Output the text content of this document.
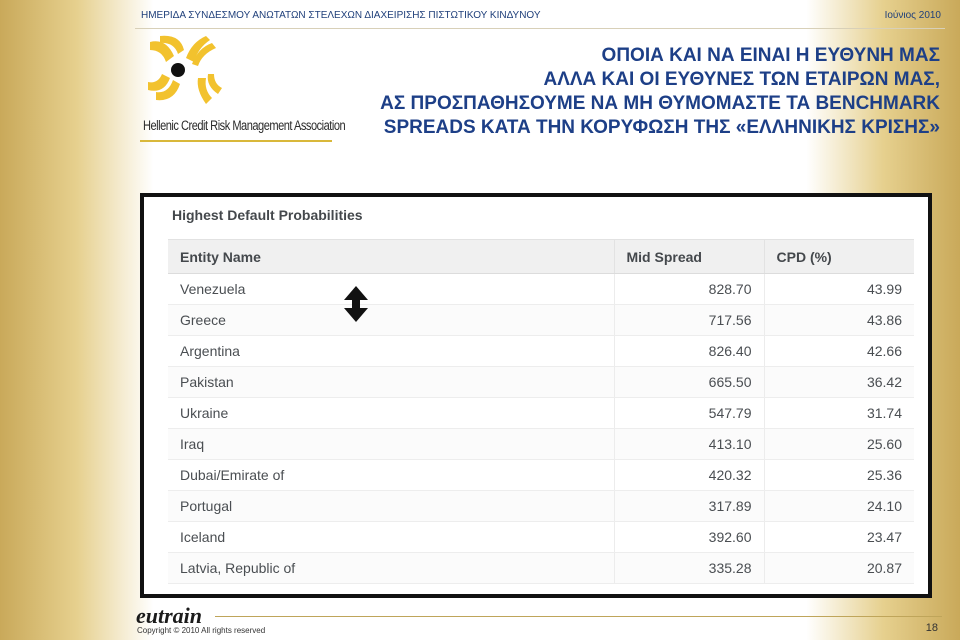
ΗΜΕΡΙΔΑ ΣΥΝΔΕΣΜΟΥ ΑΝΩΤΑΤΩΝ ΣΤΕΛΕΧΩΝ ΔΙΑΧΕΙΡΙΣΗΣ ΠΙΣΤΩΤΙΚΟΥ ΚΙΝΔΥΝΟΥ	Ιούνιος 2010
Hellenic Credit Risk Management Association
ΟΠΟΙΑ ΚΑΙ ΝΑ ΕΙΝΑΙ Η ΕΥΘΥΝΗ ΜΑΣ
ΑΛΛΑ ΚΑΙ ΟΙ ΕΥΘΥΝΕΣ ΤΩΝ ΕΤΑΙΡΩΝ ΜΑΣ,
ΑΣ ΠΡΟΣΠΑΘΗΣΟΥΜΕ ΝΑ ΜΗ ΘΥΜΟΜΑΣΤΕ ΤΑ BENCHMARK
SPREADS ΚΑΤΑ ΤΗΝ ΚΟΡΥΦΩΣΗ ΤΗΣ «ΕΛΛΗΝΙΚΗΣ ΚΡΙΣΗΣ»
Highest Default Probabilities
Entity Name	Mid Spread	CPD (%)
Venezuela	828.70	43.99
Greece	717.56	43.86
Argentina	826.40	42.66
Pakistan	665.50	36.42
Ukraine	547.79	31.74
Iraq	413.10	25.60
Dubai/Emirate of	420.32	25.36
Portugal	317.89	24.10
Iceland	392.60	23.47
Latvia, Republic of	335.28	20.87
eutrain
Copyright © 2010 All rights reserved	18
